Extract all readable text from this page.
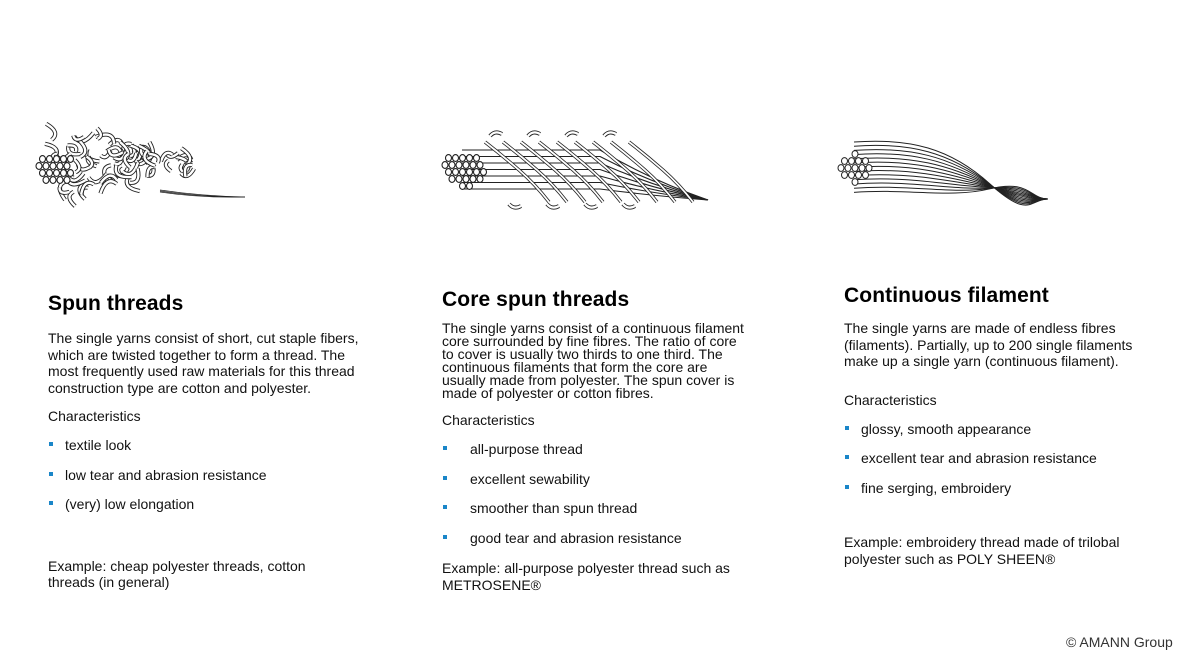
Spun threads

The single yarns consist of short, cut staple fibers, which are twisted together to form a thread. The most frequently used raw materials for this thread construction type are cotton and polyester.

Characteristics

textile look
low tear and abrasion resistance
(very) low elongation

Example: cheap polyester threads, cotton threads (in general)

Core spun threads

The single yarns consist of a continuous filament core surrounded by fine fibres. The ratio of core to cover is usually two thirds to one third. The continuous filaments that form the core are usually made from polyester. The spun cover is made of polyester or cotton fibres.

Characteristics

all-purpose thread
excellent sewability
smoother than spun thread
good tear and abrasion resistance

Example: all-purpose polyester thread such as METROSENE®

Continuous filament

The single yarns are made of endless fibres (filaments). Partially, up to 200 single filaments make up a single yarn (continuous filament).

Characteristics

glossy, smooth appearance
excellent tear and abrasion resistance
fine serging, embroidery

Example: embroidery thread made of trilobal polyester such as POLY SHEEN®

© AMANN Group
